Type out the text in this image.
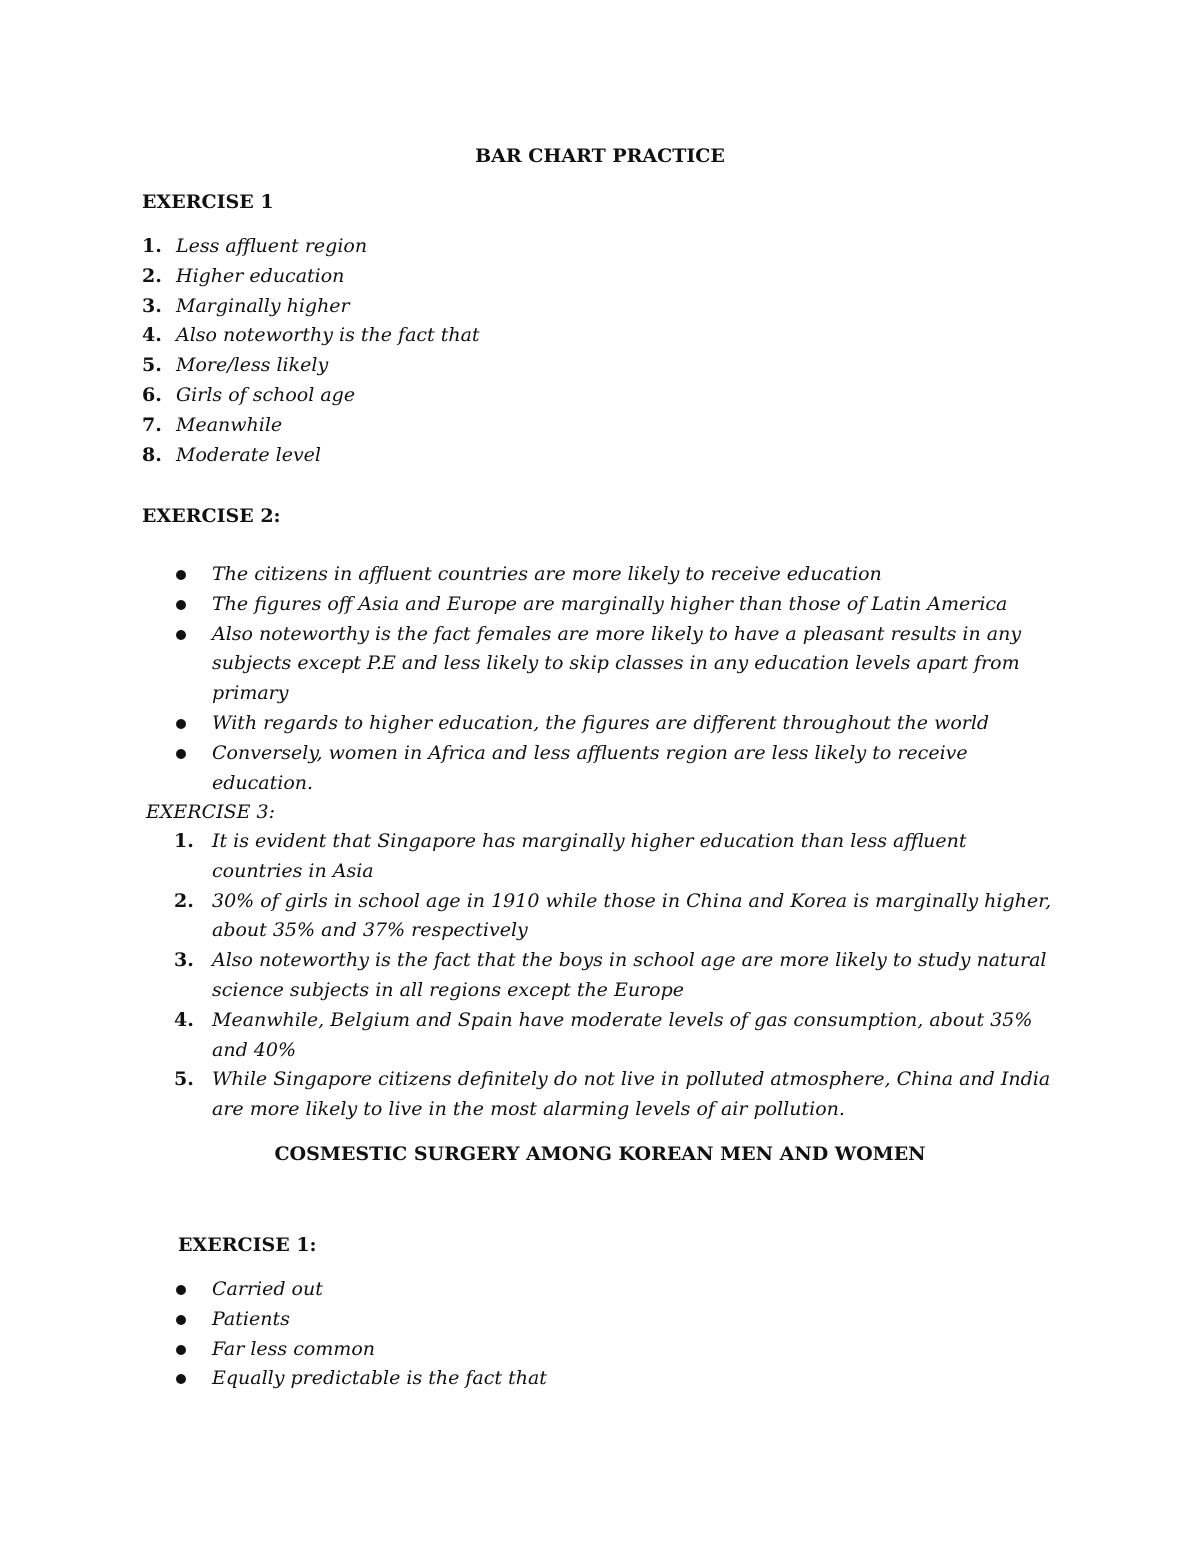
BAR CHART PRACTICE
EXERCISE 1
1. Less affluent region
2. Higher education
3. Marginally higher
4. Also noteworthy is the fact that
5. More/less likely
6. Girls of school age
7. Meanwhile
8. Moderate level
EXERCISE 2:
The citizens in affluent countries are more likely to receive education
The figures off Asia and Europe are marginally higher than those of Latin America
Also noteworthy is the fact females are more likely to have a pleasant results in any subjects except P.E and less likely to skip classes in any education levels apart from primary
With regards to higher education, the figures are different throughout the world
Conversely, women in Africa and less affluents region are less likely to receive education.
EXERCISE 3:
1. It is evident that Singapore has marginally higher education than less affluent countries in Asia
2. 30% of girls in school age in 1910 while those in China and Korea is marginally higher, about 35% and 37% respectively
3. Also noteworthy is the fact that the boys in school age are more likely to study natural science subjects in all regions except the Europe
4. Meanwhile, Belgium and Spain have moderate levels of gas consumption, about 35% and 40%
5. While Singapore citizens definitely do not live in polluted atmosphere, China and India are more likely to live in the most alarming levels of air pollution.
COSMESTIC SURGERY AMONG KOREAN MEN AND WOMEN
EXERCISE 1:
Carried out
Patients
Far less common
Equally predictable is the fact that
